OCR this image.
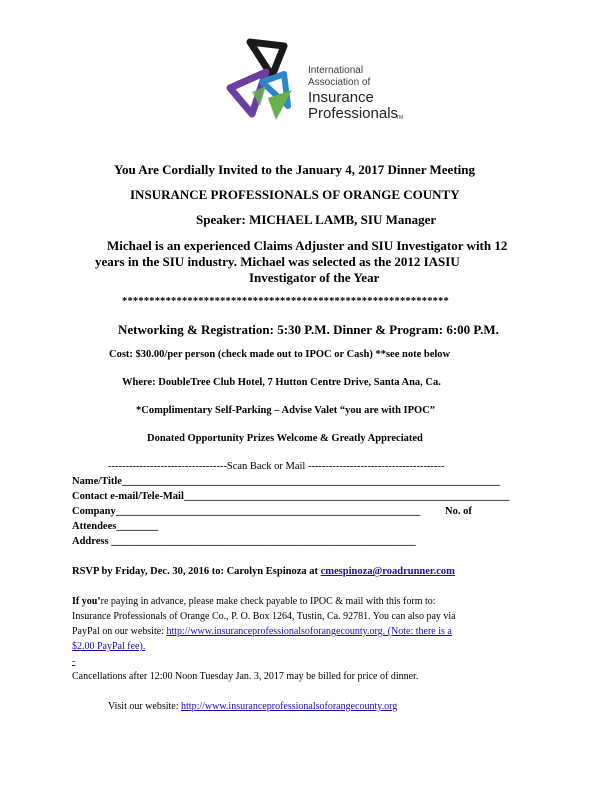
International
Association of
Insurance
Professionals
TM
You Are Cordially Invited to the January 4, 2017 Dinner Meeting
INSURANCE PROFESSIONALS OF ORANGE COUNTY
Speaker: MICHAEL LAMB, SIU Manager
Michael is an experienced Claims Adjuster and SIU Investigator with 12
years in the SIU industry. Michael was selected as the 2012 IASIU
Investigator of the Year
************************************************************
Networking & Registration: 5:30 P.M. Dinner & Program: 6:00 P.M.
Cost: $30.00/per person (check made out to IPOC or Cash) **see note below
Where: DoubleTree Club Hotel, 7 Hutton Centre Drive, Santa Ana, Ca.
*Complimentary Self-Parking – Advise Valet “you are with IPOC”
Donated Opportunity Prizes Welcome & Greatly Appreciated
----------------------------------Scan Back or Mail ---------------------------------------
Name/Title________________________________________________________________________
Contact e-mail/Tele-Mail______________________________________________________________
Company__________________________________________________________ No. of
Attendees________
Address __________________________________________________________
RSVP by Friday, Dec. 30, 2016 to: Carolyn Espinoza at cmespinoza@roadrunner.com
If you’re paying in advance, please make check payable to IPOC & mail with this form to:
Insurance Professionals of Orange Co., P. O. Box 1264, Tustin, Ca. 92781. You can also pay via
PayPal on our website: http://www.insuranceprofessionalsoforangecounty.org. (Note: there is a
$2.00 PayPal fee).
-
Cancellations after 12:00 Noon Tuesday Jan. 3, 2017 may be billed for price of dinner.
Visit our website: http://www.insuranceprofessionalsoforangecounty.org
